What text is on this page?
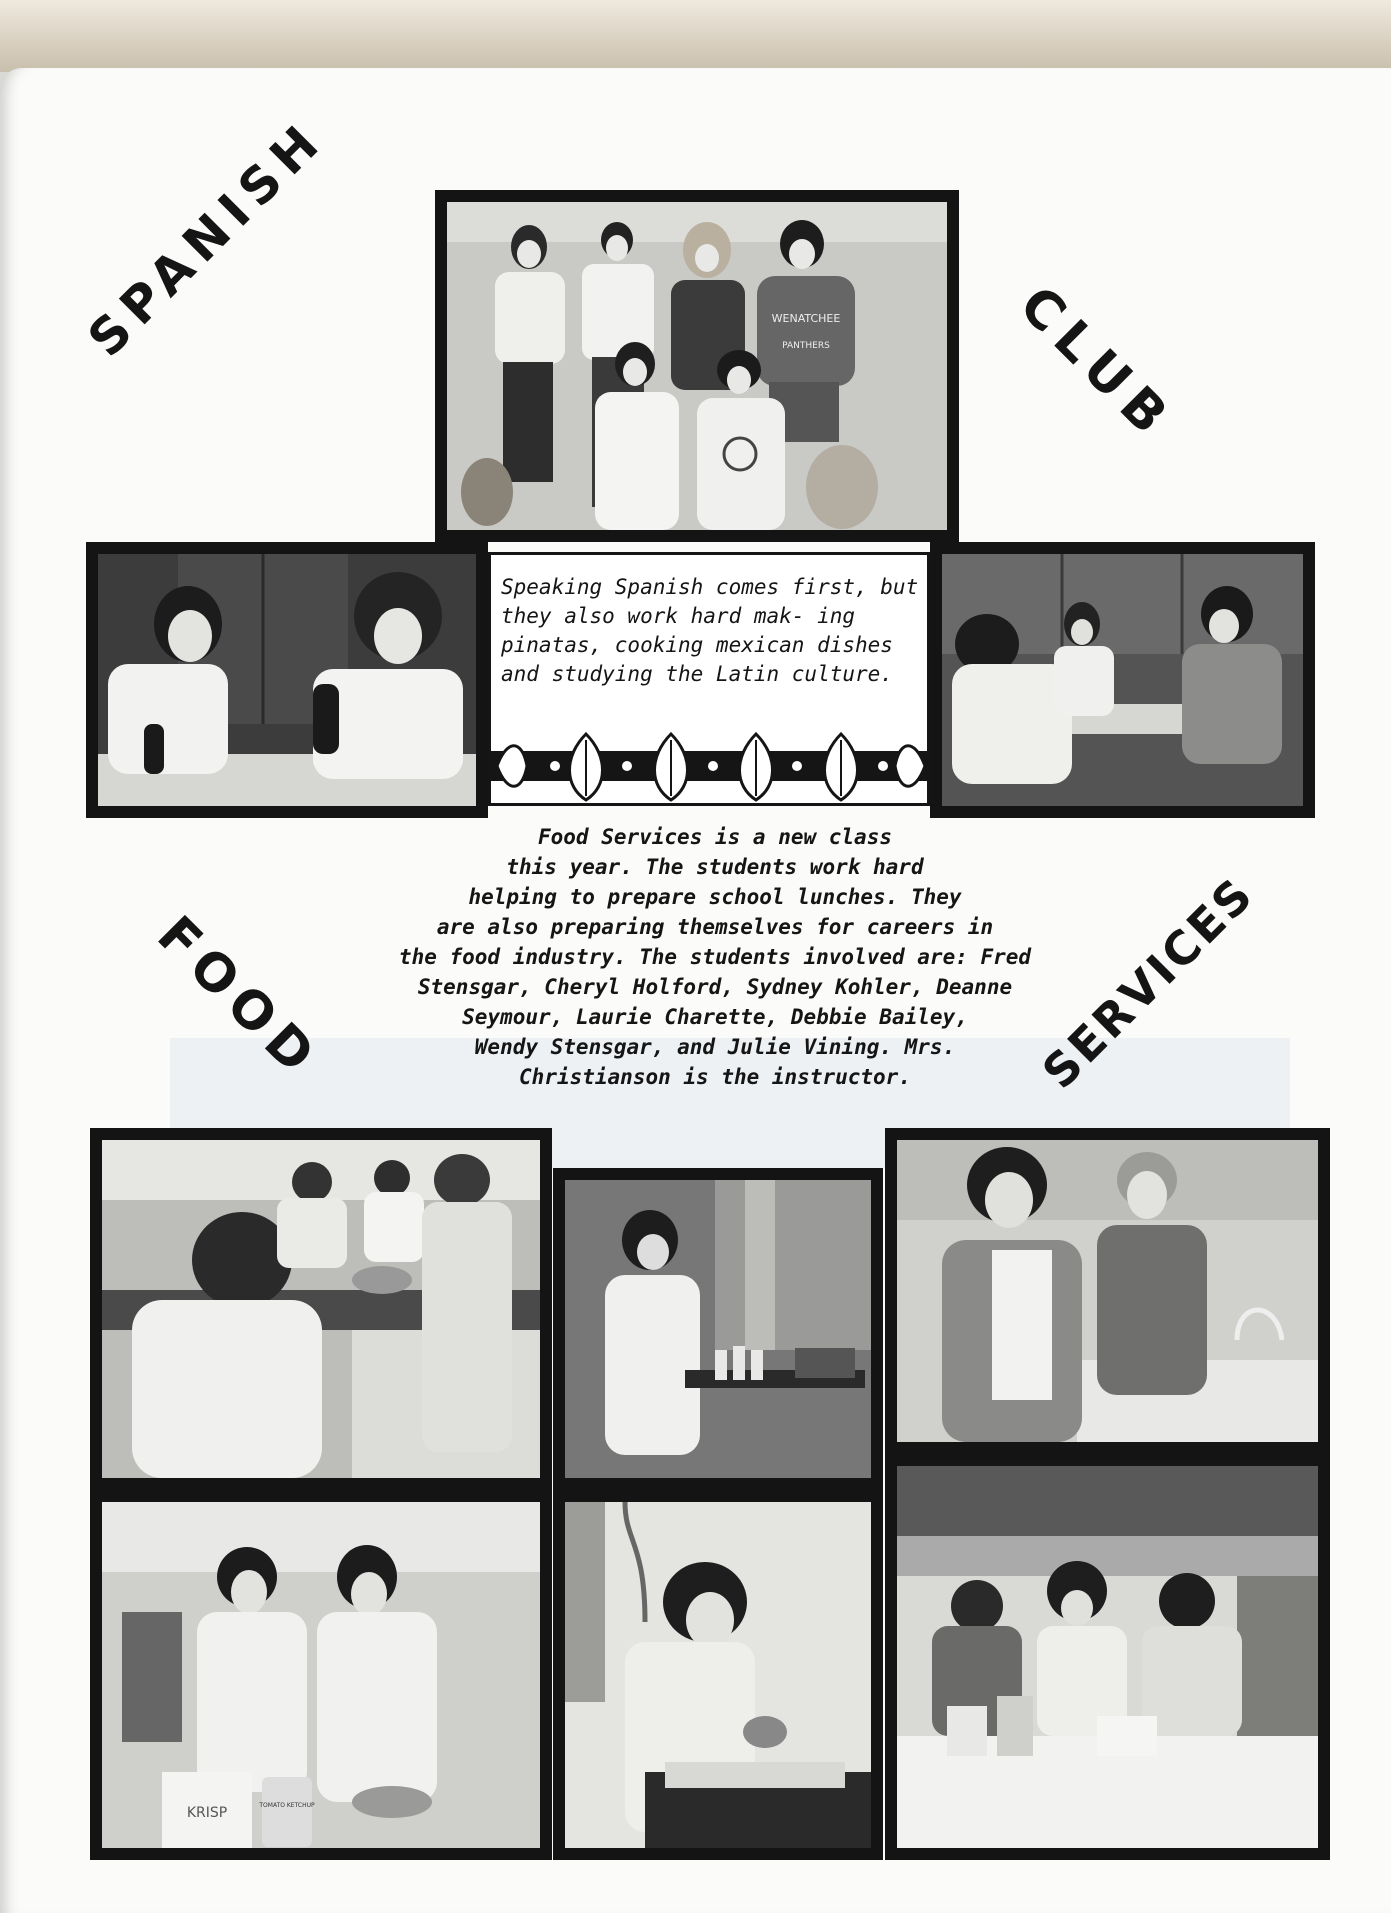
SPANISH	CLUB
FOOD	SERVICES
WENATCHEE
PANTHERS
Speaking Spanish comes first, but they also work hard mak- ing pinatas, cooking mexican dishes and studying the Latin culture.
Food Services is a new class
this year. The students work hard
helping to prepare school lunches. They
are also preparing themselves for careers in
the food industry. The students involved are: Fred
Stensgar, Cheryl Holford, Sydney Kohler, Deanne
Seymour, Laurie Charette, Debbie Bailey,
Wendy Stensgar, and Julie Vining. Mrs.
Christianson is the instructor.
KRISP	TOMATO KETCHUP
